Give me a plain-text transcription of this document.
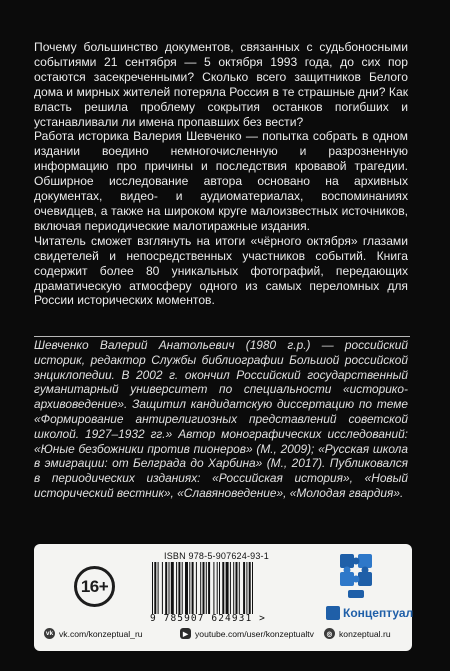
Почему большинство документов, связанных с судьбоносными событиями 21 сентября — 5 октября 1993 года, до сих пор остаются засекреченными? Сколько всего защитников Белого дома и мирных жителей потеряла Россия в те страшные дни? Как власть решила проблему сокрытия останков погибших и устанавливали ли имена пропавших без вести?

Работа историка Валерия Шевченко — попытка собрать в одном издании воедино немногочисленную и разрозненную информацию про причины и последствия кровавой трагедии. Обширное исследование автора основано на архивных документах, видео- и аудиоматериалах, воспоминаниях очевидцев, а также на широком круге малоизвестных источников, включая периодические малотиражные издания.

Читатель сможет взглянуть на итоги «чёрного октября» глазами свидетелей и непосредственных участников событий. Книга содержит более 80 уникальных фотографий, передающих драматическую атмосферу одного из самых переломных для России исторических моментов.

Шевченко Валерий Анатольевич (1980 г.р.) — российский историк, редактор Службы библиографии Большой российской энциклопедии. В 2002 г. окончил Российский государственный гуманитарный университет по специальности «историко-архивоведение». Защитил кандидатскую диссертацию по теме «Формирование антирелигиозных представлений советской школой. 1927–1932 гг.» Автор монографических исследований: «Юные безбожники против пионеров» (М., 2009); «Русская школа в эмиграции: от Белграда до Харбина» (М., 2017). Публиковался в периодических изданиях: «Российская история», «Новый исторический вестник», «Славяноведение», «Молодая гвардия».

16+
ISBN 978-5-907624-93-1
9 785907 624931 >	Концептуал
vk vk.com/konzeptual_ru	▶ youtube.com/user/konzeptualtv	◎ konzeptual.ru
